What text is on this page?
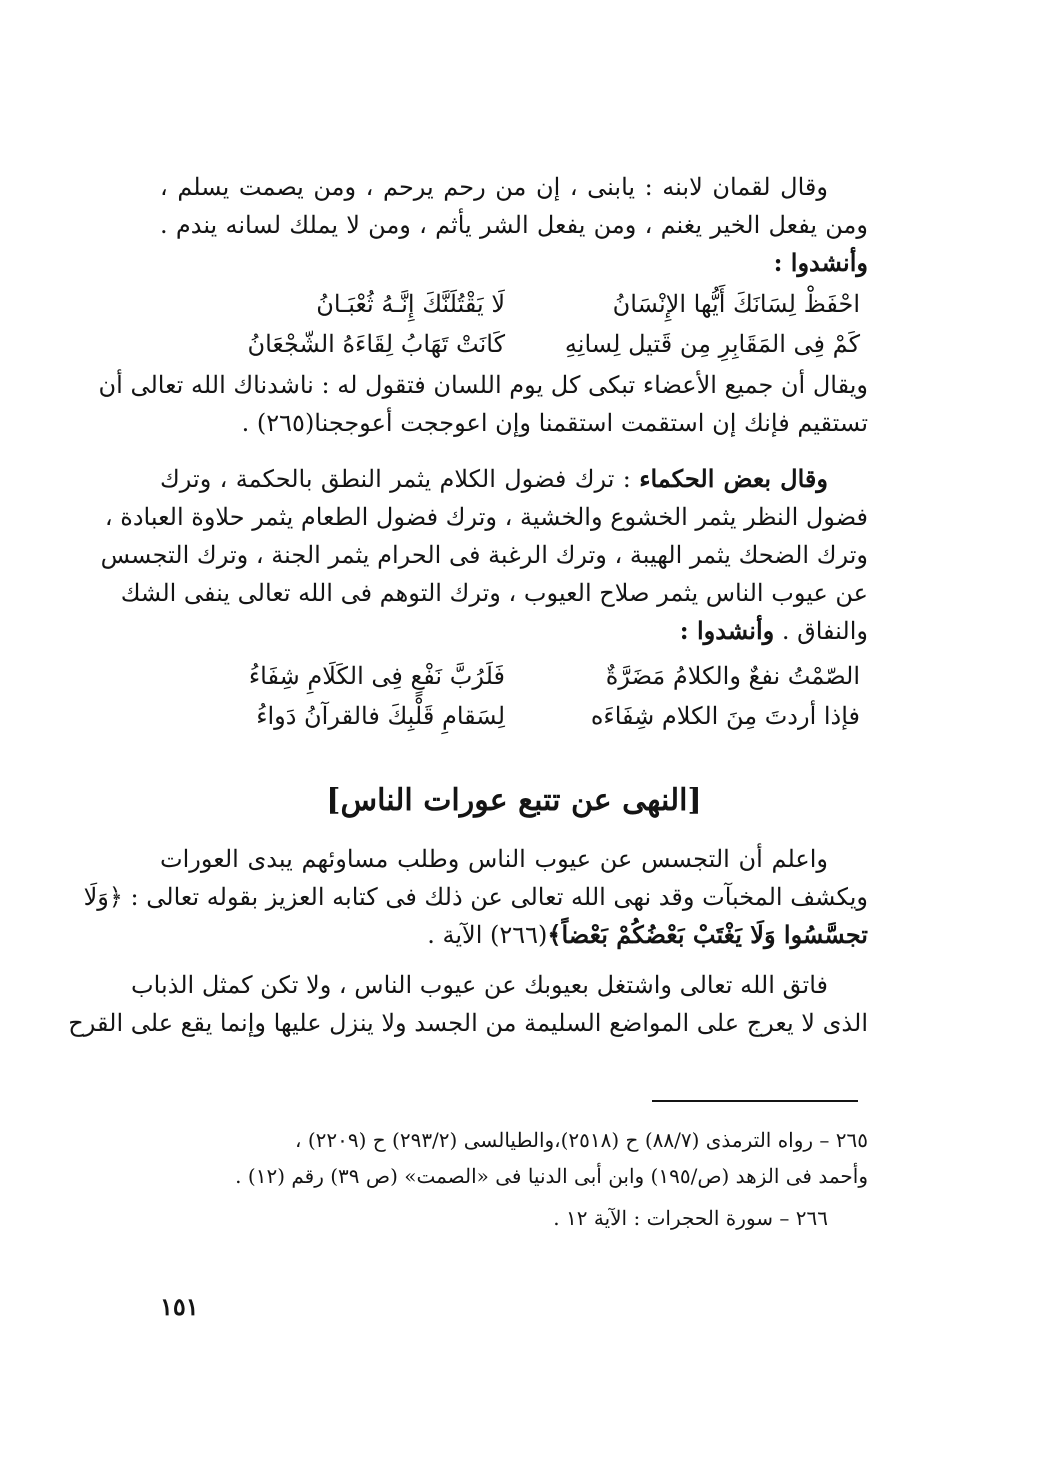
وقال لقمان لابنه : يابنى ، إن من رحم يرحم ، ومن يصمت يسلم ،
ومن يفعل الخير يغنم ، ومن يفعل الشر يأثم ، ومن لا يملك لسانه يندم .
وأنشدوا :
احْفَظْ لِسَانَكَ أَيُّها الإِنْسَانُ
لَا يَقْتُلَنَّكَ إِنَّـهُ ثُعْبَـانُ
كَمْ فِى المَقَابِرِ مِن قَتيل لِسانِهِ
كَانَتْ تَهَابُ لِقَاءَهُ الشّجْعَانُ
ويقال أن جميع الأعضاء تبكى كل يوم اللسان فتقول له : ناشدناك الله تعالى أن
تستقيم فإنك إن استقمت استقمنا وإن اعوججت أعوججنا(٢٦٥) .
وقال بعض الحكماء : ترك فضول الكلام يثمر النطق بالحكمة ، وترك
فضول النظر يثمر الخشوع والخشية ، وترك فضول الطعام يثمر حلاوة العبادة ،
وترك الضحك يثمر الهيبة ، وترك الرغبة فى الحرام يثمر الجنة ، وترك التجسس
عن عيوب الناس يثمر صلاح العيوب ، وترك التوهم فى الله تعالى ينفى الشك
والنفاق . وأنشدوا :
الصّمْتُ نفعٌ والكلامُ مَضَرَّةٌ
فَلَرُبَّ نَفْعٍ فِى الكَلَامِ شِفَاءُ
فإذا أردتَ مِنَ الكلام شِفَاءَه
لِسَقامِ قَلْبِكَ فالقرآنُ دَواءُ
[النهى عن تتبع عورات الناس]
واعلم أن التجسس عن عيوب الناس وطلب مساوئهم يبدى العورات
ويكشف المخبآت وقد نهى الله تعالى عن ذلك فى كتابه العزيز بقوله تعالى : ﴿وَلَا
تجسَّسُوا وَلَا يَغْتَبْ بَعْضُكُمْ بَعْضاً﴾(٢٦٦) الآية .
فاتق الله تعالى واشتغل بعيوبك عن عيوب الناس ، ولا تكن كمثل الذباب
الذى لا يعرج على المواضع السليمة من الجسد ولا ينزل عليها وإنما يقع على القرح
٢٦٥ – رواه الترمذى (٨٨/٧) ح (٢٥١٨)،والطيالسى (٢٩٣/٢) ح (٢٢٠٩) ،
وأحمد فى الزهد (ص/١٩٥) وابن أبى الدنيا فى «الصمت» (ص ٣٩) رقم (١٢) .
٢٦٦ – سورة الحجرات : الآية ١٢ .
١٥١
